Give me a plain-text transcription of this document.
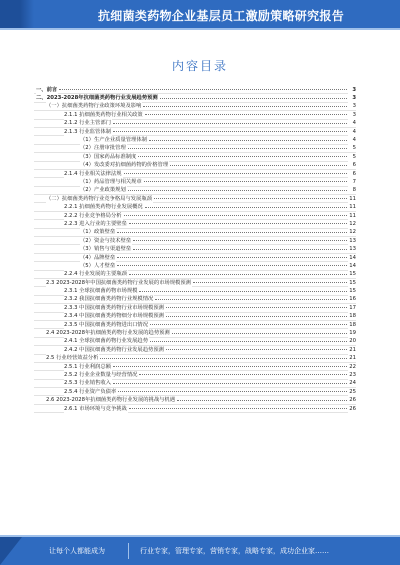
抗细菌类药物企业基层员工激励策略研究报告
内容目录
一、前言	3
二、2023-2028年抗细菌类药物行业发展趋势预测	3
（一）抗细菌类药物行业政策环境及影响	3
2.1.1 抗细菌类药物行业相关政策	3
2.1.2 行业主管部门	4
2.1.3 行业监管体制	4
（1）生产企业质量管理体制	4
（2）注册审批管理	5
（3）国家药品标准制度	5
（4）发改委对抗细菌药物的价格管理	6
2.1.4 行业相关法律法规	6
（1）药品管理与相关规章	7
（2）产业政策规划	8
（二）抗细菌类药物行业竞争格局与发展瓶颈	11
2.2.1 抗细菌类药物行业发展概况	11
2.2.2 行业竞争格局分析	11
2.2.3 进入行业的主要壁垒	12
（1）政策壁垒	12
（2）资金与技术壁垒	13
（3）销售与渠道壁垒	13
（4）品牌壁垒	14
（5）人才壁垒	14
2.2.4 行业发展的主要瓶颈	15
2.3 2023-2028年中国抗细菌类药物行业发展的市场规模预测	15
2.3.1 全球抗细菌药物市场规模	15
2.3.2 我国抗细菌类药物行业规模情况	16
2.3.3 中国抗细菌类药物行业市场规模预测	17
2.3.4 中国抗细菌类药物细分市场规模预测	18
2.3.5 中国抗细菌类药物进出口情况	18
2.4 2023-2028年抗细菌类药物行业发展的趋势预测	19
2.4.1 全球抗细菌药物行业发展趋势	20
2.4.2 中国抗细菌类药物行业发展趋势预测	21
2.5 行业经营效益分析	21
2.5.1 行业利润总额	22
2.5.2 行业企业数量与经营情况	23
2.5.3 行业销售收入	24
2.5.4 行业资产负债率	25
2.6 2023-2028年抗细菌类药物行业发展的挑战与机遇	26
2.6.1 市场环境与竞争挑战	26
让每个人都能成为	行业专家，管理专家，营销专家，战略专家，成功企业家……
